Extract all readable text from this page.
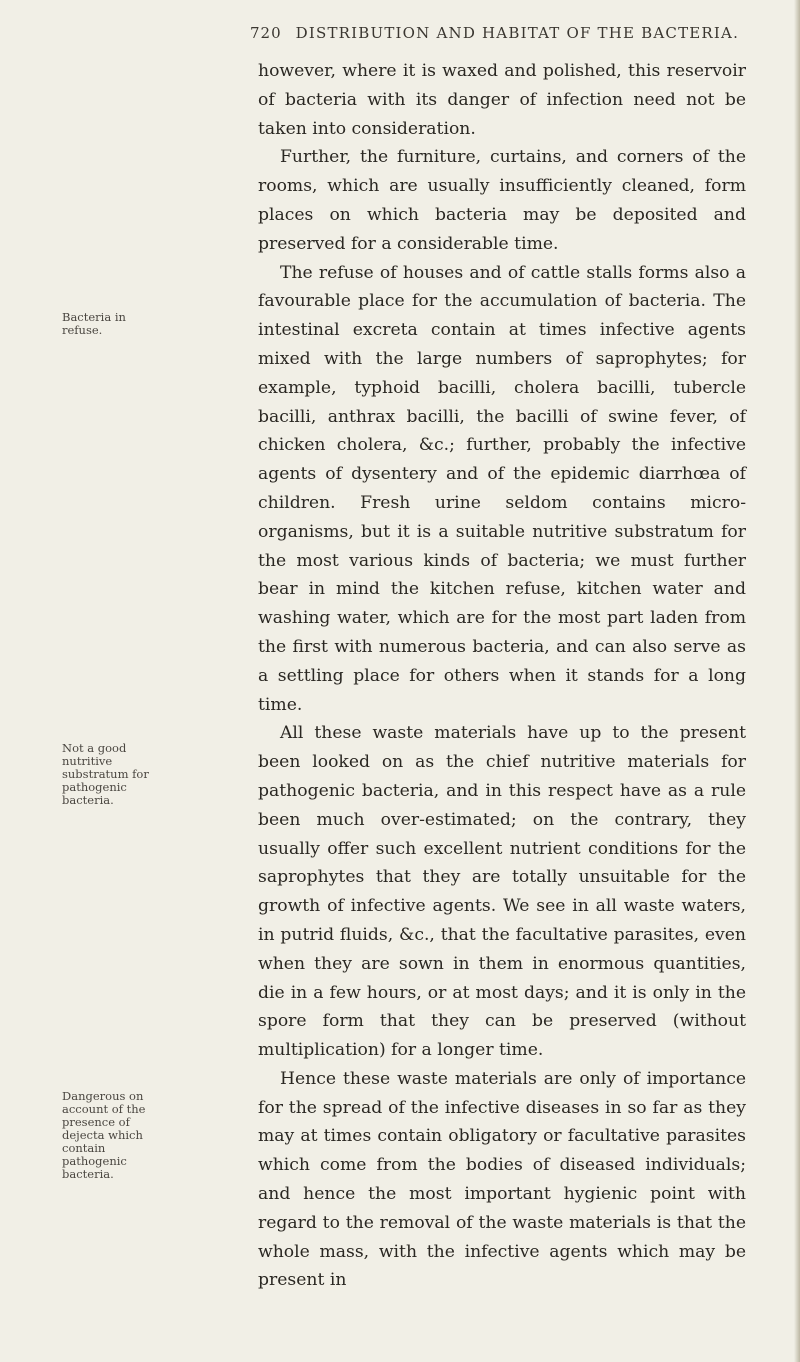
720 DISTRIBUTION AND HABITAT OF THE BACTERIA.
Bacteria in refuse.
Not a good nutritive substratum for pathogenic bacteria.
Dangerous on account of the presence of dejecta which contain pathogenic bacteria.

however, where it is waxed and polished, this reservoir of bacteria with its danger of infection need not be taken into consideration.

Further, the furniture, curtains, and corners of the rooms, which are usually insufficiently cleaned, form places on which bacteria may be deposited and preserved for a considerable time.

The refuse of houses and of cattle stalls forms also a favourable place for the accumulation of bacteria. The intestinal excreta contain at times infective agents mixed with the large numbers of saprophytes; for example, typhoid bacilli, cholera bacilli, tubercle bacilli, anthrax bacilli, the bacilli of swine fever, of chicken cholera, &c.; further, probably the infective agents of dysentery and of the epidemic diarrhœa of children. Fresh urine seldom contains micro-organisms, but it is a suitable nutritive substratum for the most various kinds of bacteria; we must further bear in mind the kitchen refuse, kitchen water and washing water, which are for the most part laden from the first with numerous bacteria, and can also serve as a settling place for others when it stands for a long time.

All these waste materials have up to the present been looked on as the chief nutritive materials for pathogenic bacteria, and in this respect have as a rule been much over-estimated; on the contrary, they usually offer such excellent nutrient conditions for the saprophytes that they are totally unsuitable for the growth of infective agents. We see in all waste waters, in putrid fluids, &c., that the facultative parasites, even when they are sown in them in enormous quantities, die in a few hours, or at most days; and it is only in the spore form that they can be preserved (without multiplication) for a longer time.

Hence these waste materials are only of importance for the spread of the infective diseases in so far as they may at times contain obligatory or facultative parasites which come from the bodies of diseased individuals; and hence the most important hygienic point with regard to the removal of the waste materials is that the whole mass, with the infective agents which may be present in
